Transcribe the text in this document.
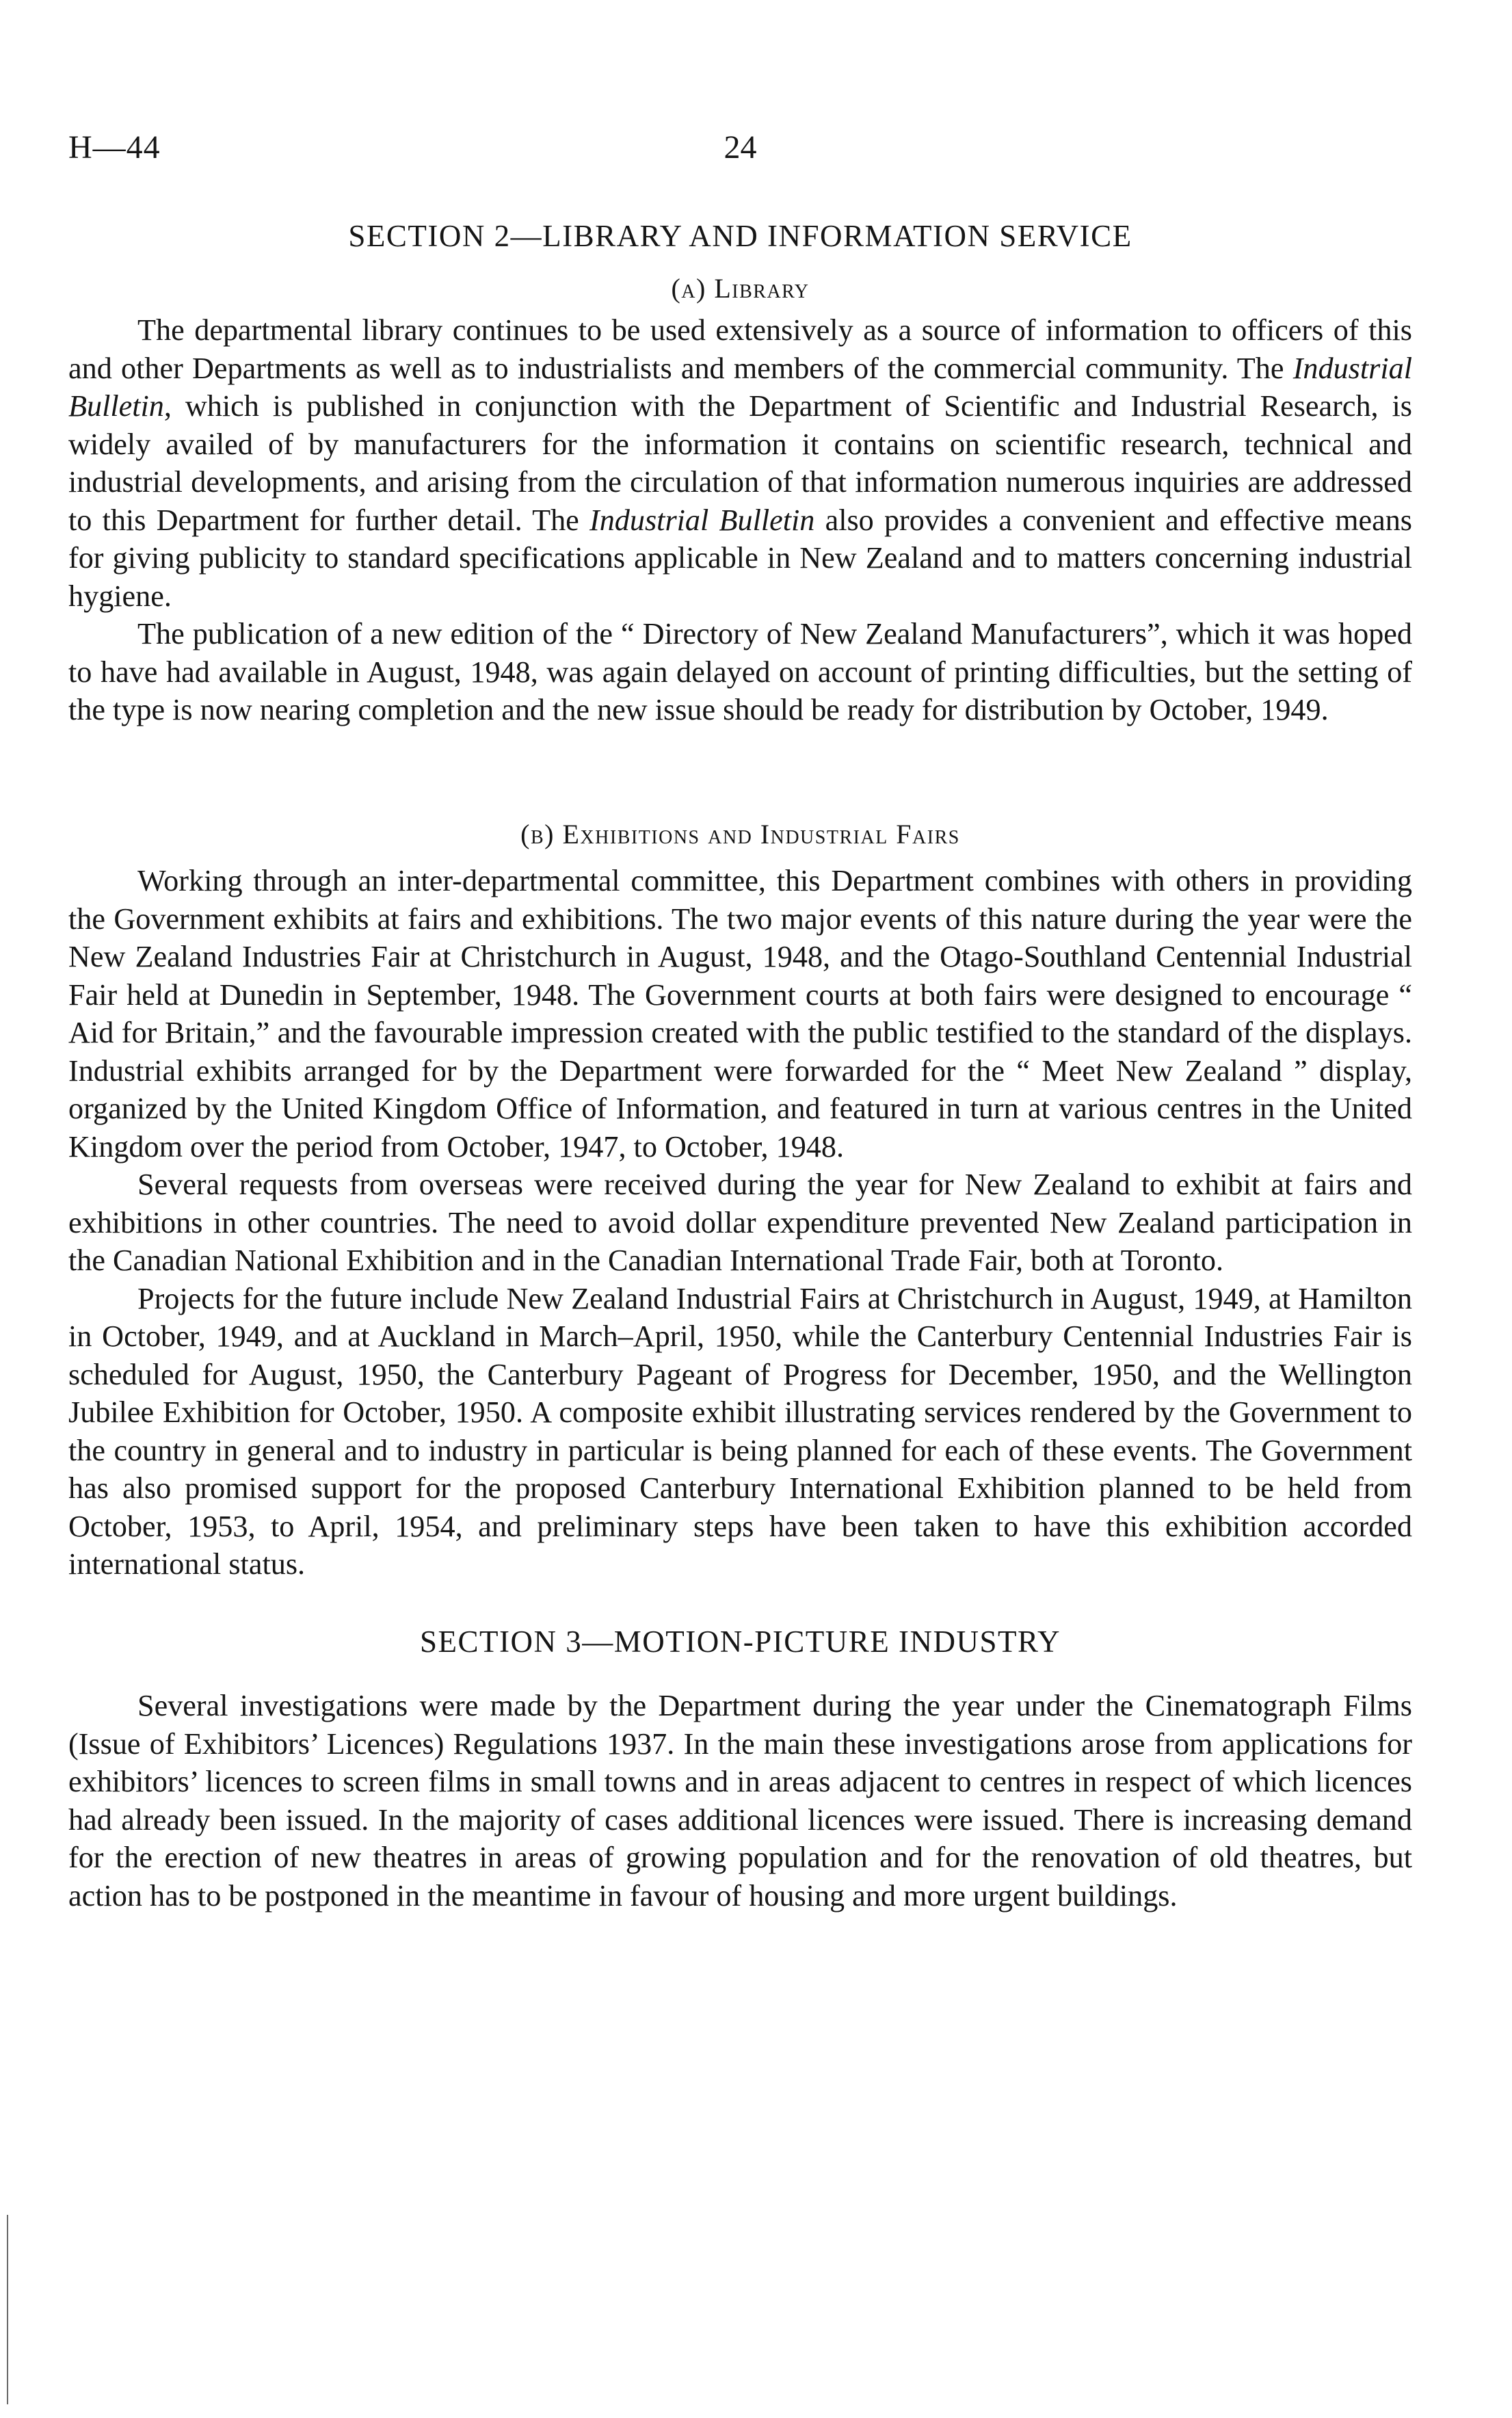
H—44	24
SECTION 2—LIBRARY AND INFORMATION SERVICE
(a) Library

The departmental library continues to be used extensively as a source of information to officers of this and other Departments as well as to industrialists and members of the commercial community. The Industrial Bulletin, which is published in conjunction with the Department of Scientific and Industrial Research, is widely availed of by manufacturers for the information it contains on scientific research, technical and industrial developments, and arising from the circulation of that information numerous inquiries are addressed to this Department for further detail. The Industrial Bulletin also provides a convenient and effective means for giving publicity to standard specifications applicable in New Zealand and to matters concerning industrial hygiene.

The publication of a new edition of the “ Directory of New Zealand Manufacturers”, which it was hoped to have had available in August, 1948, was again delayed on account of printing difficulties, but the setting of the type is now nearing completion and the new issue should be ready for distribution by October, 1949.

(b) Exhibitions and Industrial Fairs

Working through an inter-departmental committee, this Department combines with others in providing the Government exhibits at fairs and exhibitions. The two major events of this nature during the year were the New Zealand Industries Fair at Christchurch in August, 1948, and the Otago-Southland Centennial Industrial Fair held at Dunedin in September, 1948. The Government courts at both fairs were designed to encourage “ Aid for Britain,” and the favourable impression created with the public testified to the standard of the displays. Industrial exhibits arranged for by the Department were forwarded for the “ Meet New Zealand ” display, organized by the United Kingdom Office of Information, and featured in turn at various centres in the United Kingdom over the period from October, 1947, to October, 1948.

Several requests from overseas were received during the year for New Zealand to exhibit at fairs and exhibitions in other countries. The need to avoid dollar expenditure prevented New Zealand participation in the Canadian National Exhibition and in the Canadian International Trade Fair, both at Toronto.

Projects for the future include New Zealand Industrial Fairs at Christchurch in August, 1949, at Hamilton in October, 1949, and at Auckland in March–April, 1950, while the Canterbury Centennial Industries Fair is scheduled for August, 1950, the Canterbury Pageant of Progress for December, 1950, and the Wellington Jubilee Exhibition for October, 1950. A composite exhibit illustrating services rendered by the Government to the country in general and to industry in particular is being planned for each of these events. The Government has also promised support for the proposed Canterbury International Exhibition planned to be held from October, 1953, to April, 1954, and preliminary steps have been taken to have this exhibition accorded international status.

SECTION 3—MOTION-PICTURE INDUSTRY

Several investigations were made by the Department during the year under the Cinematograph Films (Issue of Exhibitors’ Licences) Regulations 1937. In the main these investigations arose from applications for exhibitors’ licences to screen films in small towns and in areas adjacent to centres in respect of which licences had already been issued. In the majority of cases additional licences were issued. There is increasing demand for the erection of new theatres in areas of growing population and for the renovation of old theatres, but action has to be postponed in the meantime in favour of housing and more urgent buildings.
